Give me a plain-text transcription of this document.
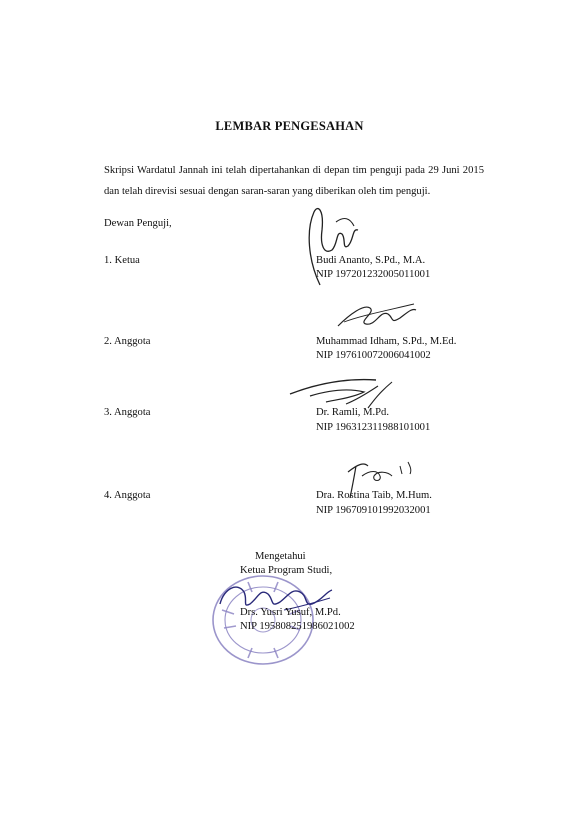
LEMBAR PENGESAHAN
Skripsi Wardatul Jannah ini telah dipertahankan di depan tim penguji pada 29 Juni 2015 dan telah direvisi sesuai dengan saran-saran yang diberikan oleh tim penguji.
Dewan Penguji,
1. Ketua	Budi Ananto, S.Pd., M.A.
NIP 197201232005011001
2. Anggota	Muhammad Idham, S.Pd., M.Ed.
NIP 197610072006041002
3. Anggota	Dr. Ramli, M.Pd.
NIP 196312311988101001
4. Anggota	Dra. Rostina Taib, M.Hum.
NIP 196709101992032001
Mengetahui
Ketua Program Studi,
Drs. Yusri Yusuf, M.Pd.
NIP 195808251986021002
